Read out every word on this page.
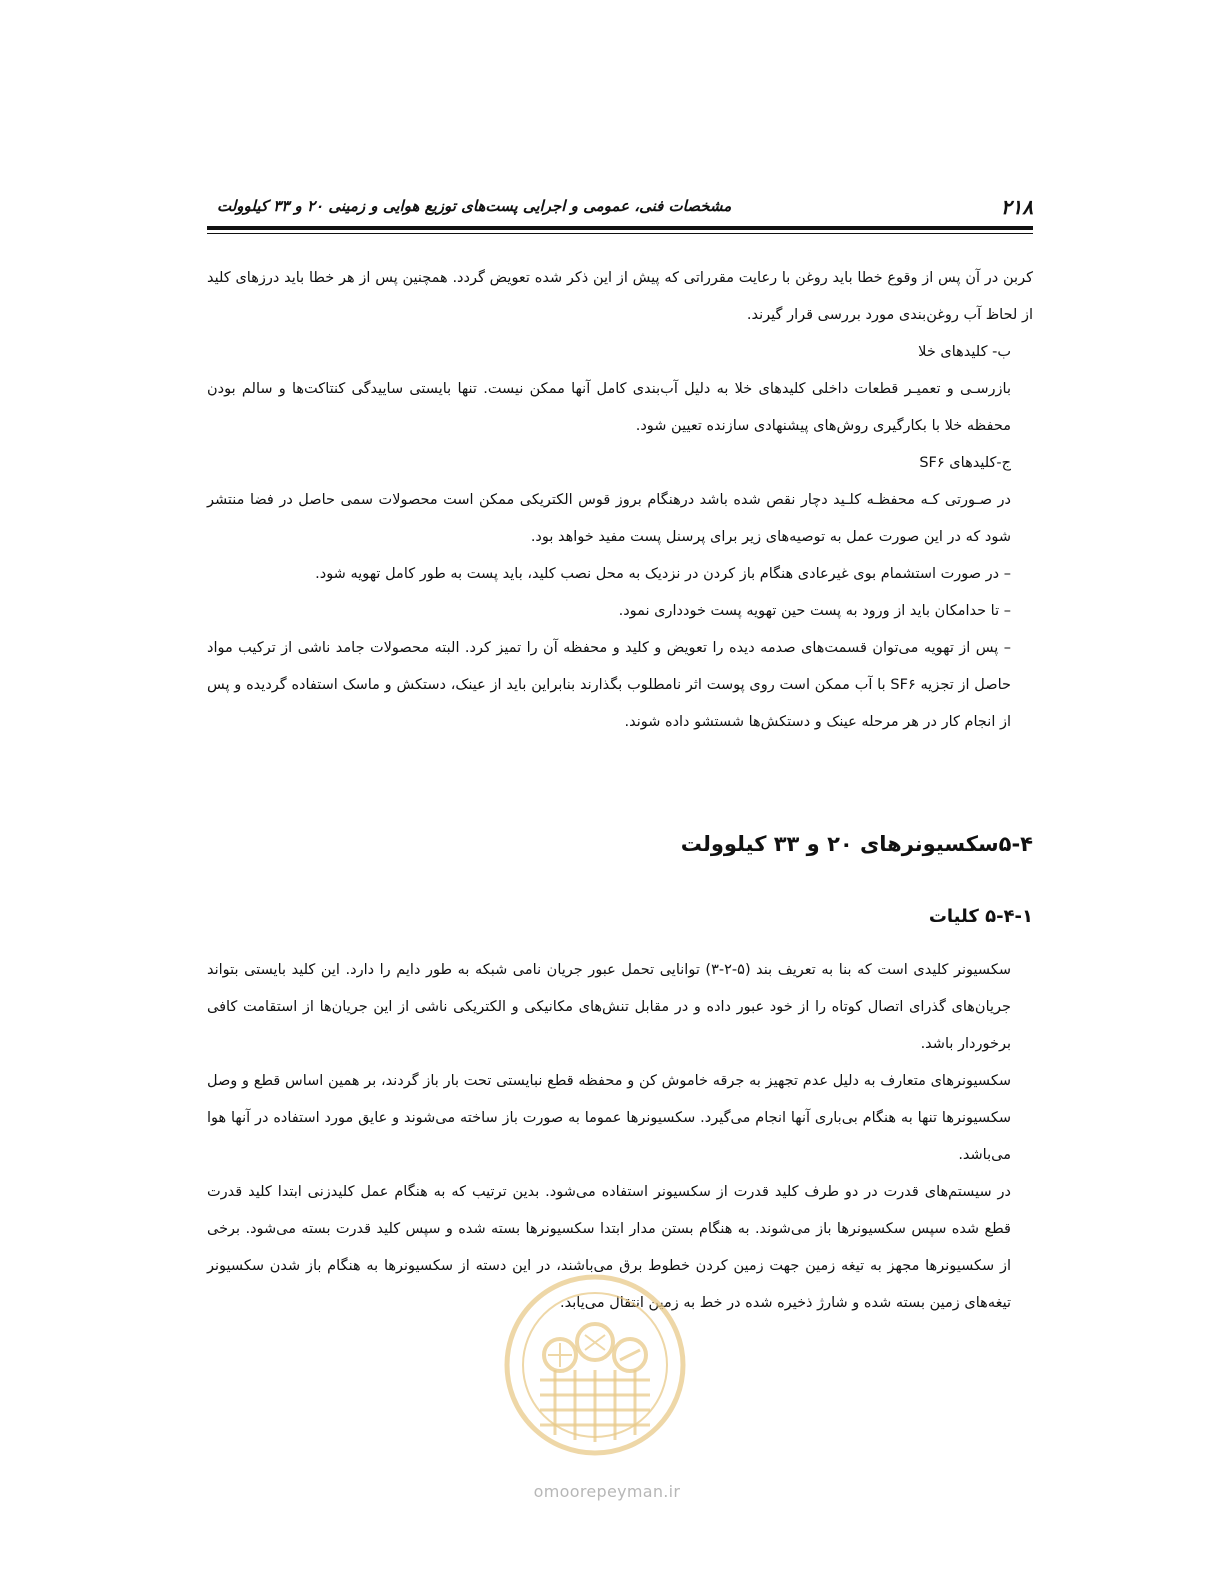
۲۱۸
مشخصات فنی، عمومی و اجرایی پست‌های توزیع هوایی و زمینی ۲۰ و ۳۳ کیلوولت

کربن در آن پس از وقوع خطا باید روغن با رعایت مقرراتی که پیش از این ذکر شده تعویض گردد. همچنین پس از هر خطا باید درزهای کلید از لحاظ آب روغن‌بندی مورد بررسی قرار گیرند.

ب- کلیدهای خلا

بازرسـی و تعمیـر قطعات داخلی کلیدهای خلا به دلیل آب‌بندی کامل آنها ممکن نیست. تنها بایستی ساییدگی کنتاکت‌ها و سالم بودن محفظه خلا با بکارگیری روش‌های پیشنهادی سازنده تعیین شود.

ج-کلیدهای SF۶

در صـورتی کـه محفظـه کلـید دچار نقص شده باشد درهنگام بروز قوس الکتریکی ممکن است محصولات سمی حاصل در فضا منتشر شود که در این صورت عمل به توصیه‌های زیر برای پرسنل پست مفید خواهد بود.

– در صورت استشمام بوی غیرعادی هنگام باز کردن در نزدیک به محل نصب کلید، باید پست به طور کامل تهویه شود.

– تا حدامکان باید از ورود به پست حین تهویه پست خودداری نمود.

– پس از تهویه می‌توان قسمت‌های صدمه دیده را تعویض و کلید و محفظه آن را تمیز کرد. البته محصولات جامد ناشی از ترکیب مواد حاصل از تجزیه SF۶ با آب ممکن است روی پوست اثر نامطلوب بگذارند بنابراین باید از عینک، دستکش و ماسک استفاده گردیده و پس از انجام کار در هر مرحله عینک و دستکش‌ها شستشو داده شوند.

۵-۴سکسیونرهای ۲۰ و ۳۳ کیلوولت
۵-۴-۱ کلیات

سکسیونر کلیدی است که بنا به تعریف بند (۵-۲-۳) توانایی تحمل عبور جریان نامی شبکه به طور دایم را دارد. این کلید بایستی بتواند جریان‌های گذرای اتصال کوتاه را از خود عبور داده و در مقابل تنش‌های مکانیکی و الکتریکی ناشی از این جریان‌ها از استقامت کافی برخوردار باشد.

سکسیونرهای متعارف به دلیل عدم تجهیز به جرقه خاموش کن و محفظه قطع نبایستی تحت بار باز گردند، بر همین اساس قطع و وصل سکسیونرها تنها به هنگام بی‌باری آنها انجام می‌گیرد. سکسیونرها عموما به صورت باز ساخته می‌شوند و عایق مورد استفاده در آنها هوا می‌باشد.

در سیستم‌های قدرت در دو طرف کلید قدرت از سکسیونر استفاده می‌شود. بدین ترتیب که به هنگام عمل کلیدزنی ابتدا کلید قدرت قطع شده سپس سکسیونرها باز می‌شوند. به هنگام بستن مدار ابتدا سکسیونرها بسته شده و سپس کلید قدرت بسته می‌شود. برخی از سکسیونرها مجهز به تیغه زمین جهت زمین کردن خطوط برق می‌باشند، در این دسته از سکسیونرها به هنگام باز شدن سکسیونر تیغه‌های زمین بسته شده و شارژ ذخیره شده در خط به زمین انتقال می‌یابد.

omoorepeyman.ir
